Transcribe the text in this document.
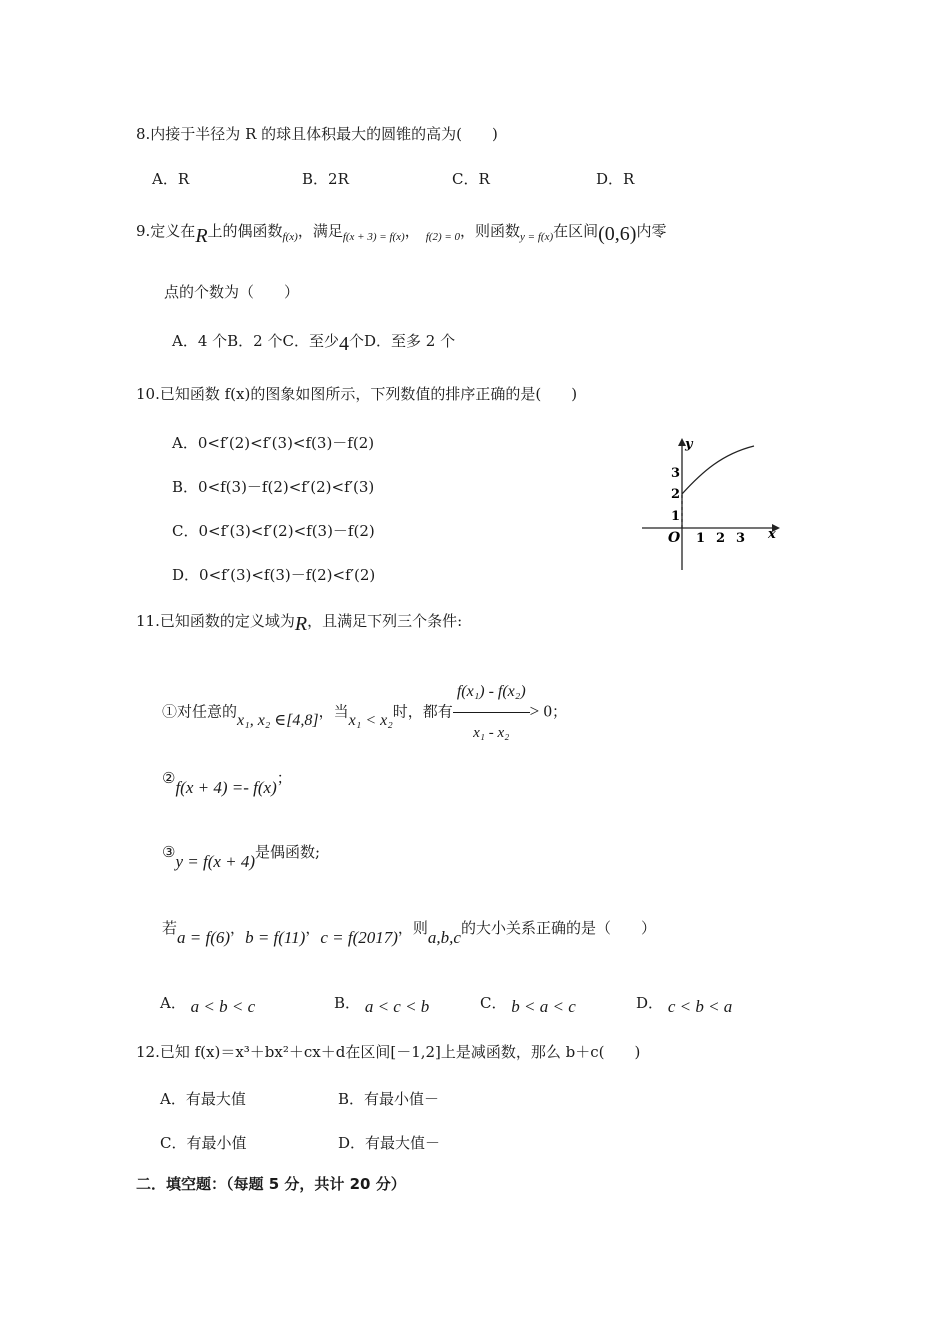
8.内接于半径为 R 的球且体积最大的圆锥的高为(　　)
A．R	B．2R	C．R	D．R
9.定义在R上的偶函数$_{f(x)}$，满足$_{f(x + 3) = f(x)}$， $_{f(2) = 0}$，则函数$_{y = f(x)}$在区间(0,6)内零
点的个数为（　　）
A．4 个B．2 个C．至少4个D．至多 2 个
10.已知函数 f(x)的图象如图所示，下列数值的排序正确的是(　　)
A．0<f′(2)<f′(3)<f(3)－f(2)
B．0<f(3)－f(2)<f′(2)<f′(3)
C．0<f′(3)<f′(2)<f(3)－f(2)
D．0<f′(3)<f(3)－f(2)<f′(2)
x
y
O 1 2 3
1
2
3
11.已知函数的定义域为R，且满足下列三个条件:
①对任意的x₁, x₂ ∈[4,8]，当x₁ < x₂时，都有 $\frac{\text{f(x₁) - f(x₂)}}{\text{x₁ - x₂}} > 0$；
②f(x + 4) =- f(x)；
③y = f(x + 4)是偶函数;
若a = f(6)，b = f(11)，c = f(2017)，则a,b,c的大小关系正确的是（　　）
A． a < b < c	B． a < c < b	C． b < a < c	D． c < b < a
12.已知 f(x)＝x³＋bx²＋cx＋d在区间[－1,2]上是减函数，那么 b＋c(　　)
A．有最大值	B．有最小值－
C．有最小值	D．有最大值－
二．填空题：（每题 5 分，共计 20 分）
